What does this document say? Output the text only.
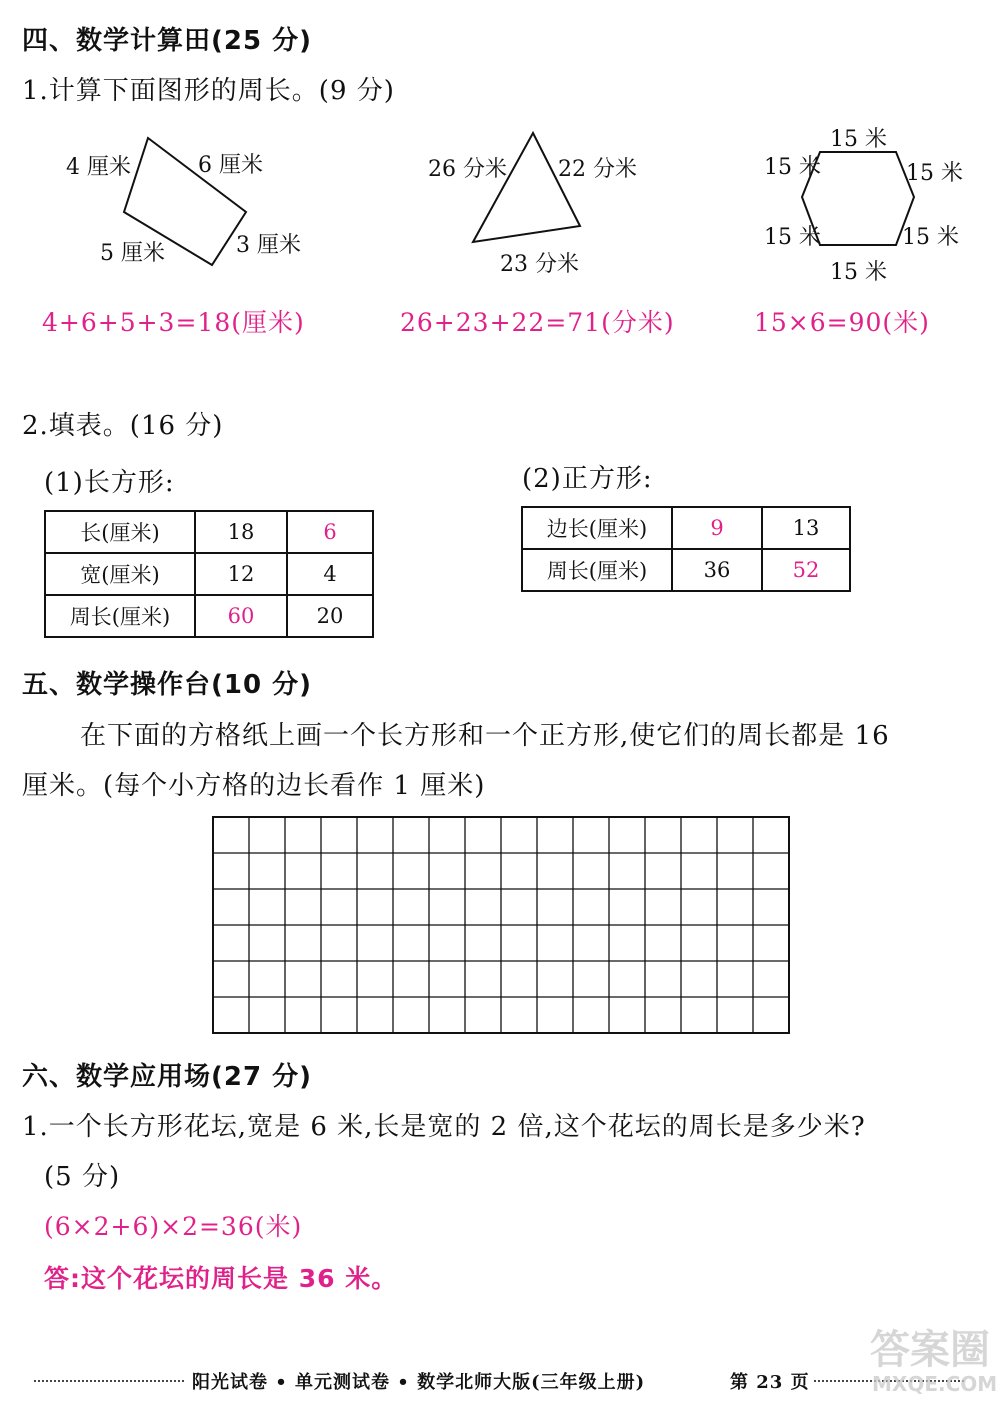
四、数学计算田(25 分)
1.计算下面图形的周长。(9 分)
4 厘米	6 厘米
5 厘米	3 厘米
26 分米 22 分米
23 分米
15 米
15 米	15 米
15 米	15 米
15 米
4+6+5+3=18(厘米)	26+23+22=71(分米)	15×6=90(米)
2.填表。(16 分)
(1)长方形:	(2)正方形:
长(厘米)	18	6
宽(厘米)	12	4
周长(厘米)	60	20
边长(厘米)	9	13
周长(厘米)	36	52
五、数学操作台(10 分)
在下面的方格纸上画一个长方形和一个正方形,使它们的周长都是 16
厘米。(每个小方格的边长看作 1 厘米)
六、数学应用场(27 分)
1.一个长方形花坛,宽是 6 米,长是宽的 2 倍,这个花坛的周长是多少米?
(5 分)
(6×2+6)×2=36(米)
答:这个花坛的周长是 36 米。
阳光试卷 • 单元测试卷 • 数学北师大版(三年级上册)	第 23 页
答案圈
MXQE.COM
